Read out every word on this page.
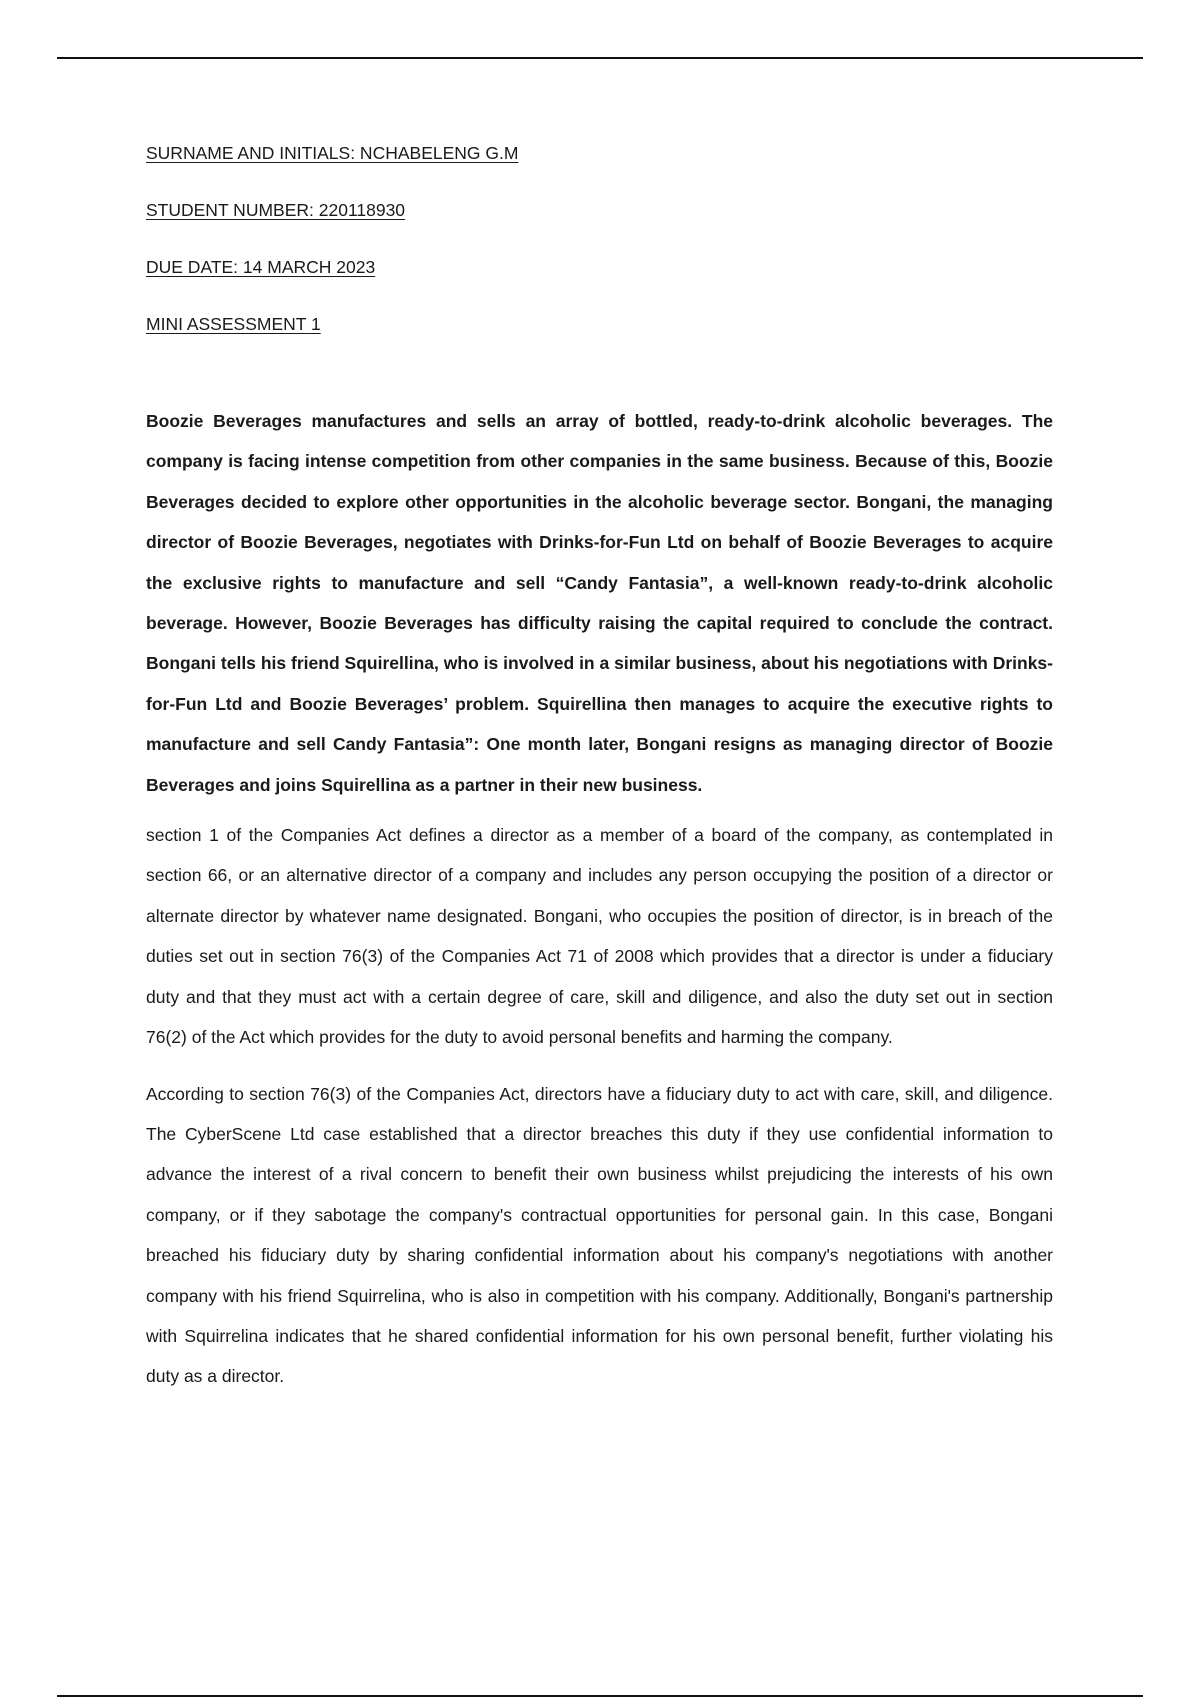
SURNAME AND INITIALS: NCHABELENG G.M

STUDENT NUMBER: 220118930

DUE DATE: 14 MARCH 2023

MINI ASSESSMENT 1

Boozie Beverages manufactures and sells an array of bottled, ready-to-drink alcoholic beverages. The company is facing intense competition from other companies in the same business. Because of this, Boozie Beverages decided to explore other opportunities in the alcoholic beverage sector. Bongani, the managing director of Boozie Beverages, negotiates with Drinks-for-Fun Ltd on behalf of Boozie Beverages to acquire the exclusive rights to manufacture and sell “Candy Fantasia”, a well-known ready-to-drink alcoholic beverage. However, Boozie Beverages has difficulty raising the capital required to conclude the contract. Bongani tells his friend Squirellina, who is involved in a similar business, about his negotiations with Drinks-for-Fun Ltd and Boozie Beverages’ problem. Squirellina then manages to acquire the executive rights to manufacture and sell Candy Fantasia”: One month later, Bongani resigns as managing director of Boozie Beverages and joins Squirellina as a partner in their new business.

section 1 of the Companies Act defines a director as a member of a board of the company, as contemplated in section 66, or an alternative director of a company and includes any person occupying the position of a director or alternate director by whatever name designated. Bongani, who occupies the position of director, is in breach of the duties set out in section 76(3) of the Companies Act 71 of 2008 which provides that a director is under a fiduciary duty and that they must act with a certain degree of care, skill and diligence, and also the duty set out in section 76(2) of the Act which provides for the duty to avoid personal benefits and harming the company.

According to section 76(3) of the Companies Act, directors have a fiduciary duty to act with care, skill, and diligence. The CyberScene Ltd case established that a director breaches this duty if they use confidential information to advance the interest of a rival concern to benefit their own business whilst prejudicing the interests of his own company, or if they sabotage the company's contractual opportunities for personal gain. In this case, Bongani breached his fiduciary duty by sharing confidential information about his company's negotiations with another company with his friend Squirrelina, who is also in competition with his company. Additionally, Bongani's partnership with Squirrelina indicates that he shared confidential information for his own personal benefit, further violating his duty as a director.
